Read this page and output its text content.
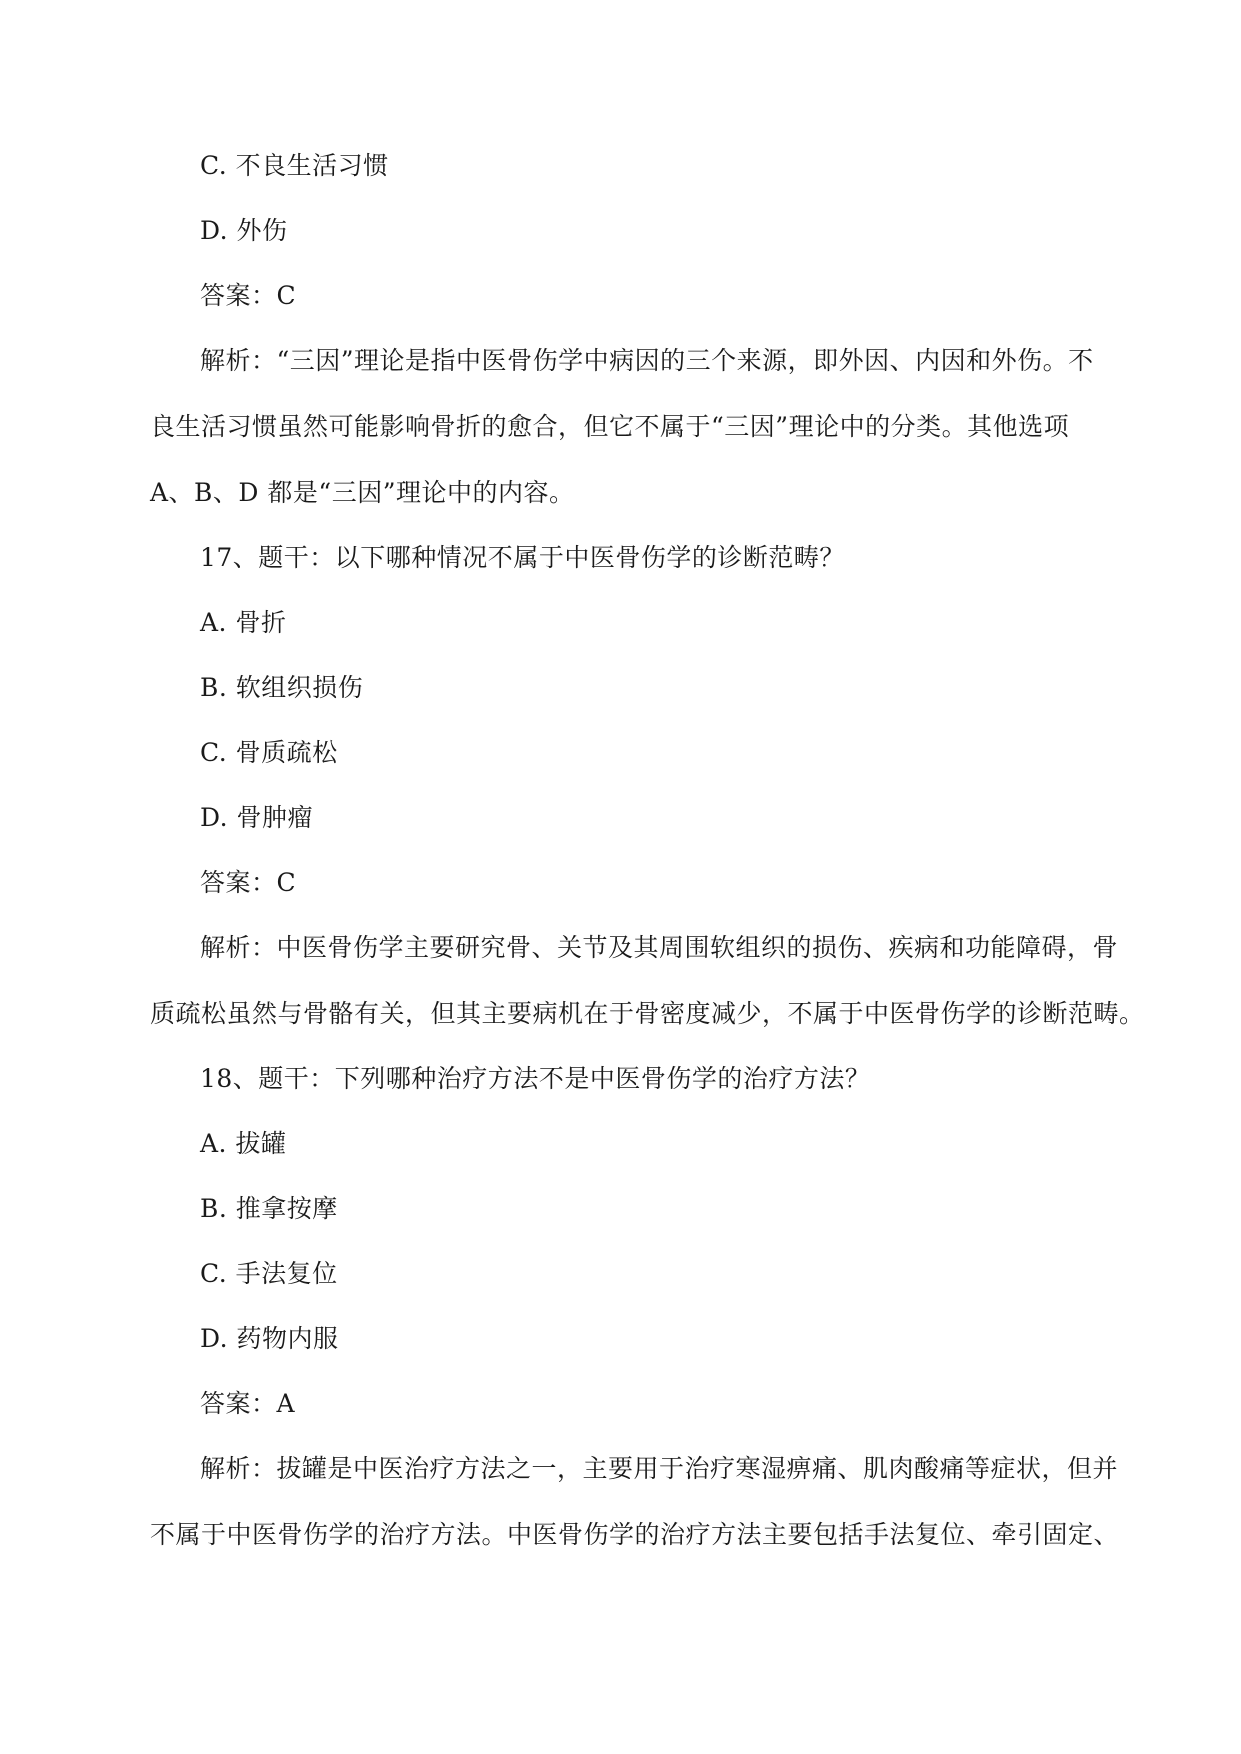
C. 不良生活习惯
D. 外伤
答案：C
解析：“三因”理论是指中医骨伤学中病因的三个来源，即外因、内因和外伤。不
良生活习惯虽然可能影响骨折的愈合，但它不属于“三因”理论中的分类。其他选项
A、B、D 都是“三因”理论中的内容。
17、题干：以下哪种情况不属于中医骨伤学的诊断范畴？
A. 骨折
B. 软组织损伤
C. 骨质疏松
D. 骨肿瘤
答案：C
解析：中医骨伤学主要研究骨、关节及其周围软组织的损伤、疾病和功能障碍，骨
质疏松虽然与骨骼有关，但其主要病机在于骨密度减少，不属于中医骨伤学的诊断范畴。
18、题干：下列哪种治疗方法不是中医骨伤学的治疗方法？
A. 拔罐
B. 推拿按摩
C. 手法复位
D. 药物内服
答案：A
解析：拔罐是中医治疗方法之一，主要用于治疗寒湿痹痛、肌肉酸痛等症状，但并
不属于中医骨伤学的治疗方法。中医骨伤学的治疗方法主要包括手法复位、牵引固定、
